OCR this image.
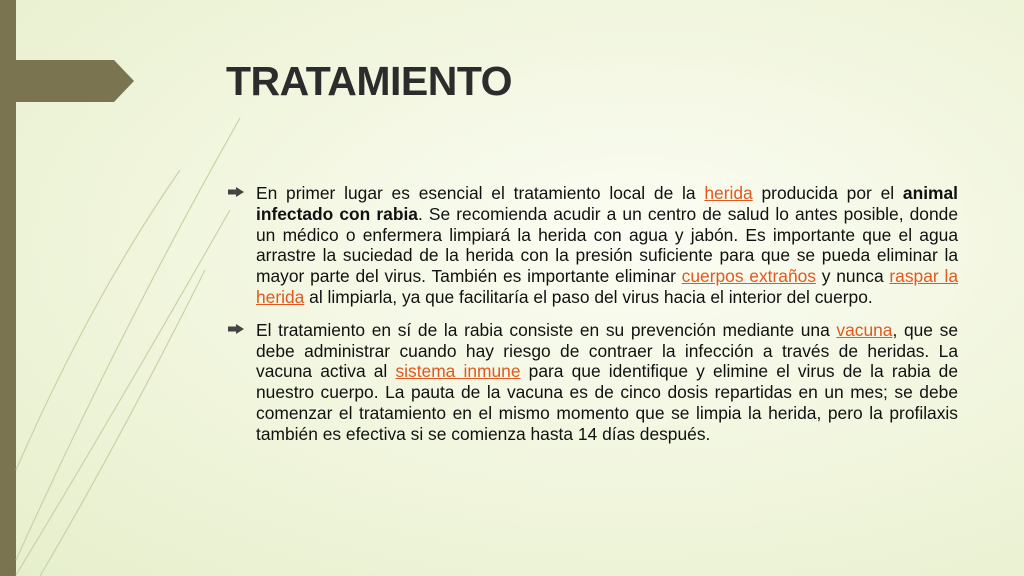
TRATAMIENTO

En primer lugar es esencial el tratamiento local de la herida producida por el animal infectado con rabia. Se recomienda acudir a un centro de salud lo antes posible, donde un médico o enfermera limpiará la herida con agua y jabón. Es importante que el agua arrastre la suciedad de la herida con la presión suficiente para que se pueda eliminar la mayor parte del virus. También es importante eliminar cuerpos extraños y nunca raspar la herida al limpiarla, ya que facilitaría el paso del virus hacia el interior del cuerpo.

El tratamiento en sí de la rabia consiste en su prevención mediante una vacuna, que se debe administrar cuando hay riesgo de contraer la infección a través de heridas. La vacuna activa al sistema inmune para que identifique y elimine el virus de la rabia de nuestro cuerpo. La pauta de la vacuna es de cinco dosis repartidas en un mes; se debe comenzar el tratamiento en el mismo momento que se limpia la herida, pero la profilaxis también es efectiva si se comienza hasta 14 días después.
